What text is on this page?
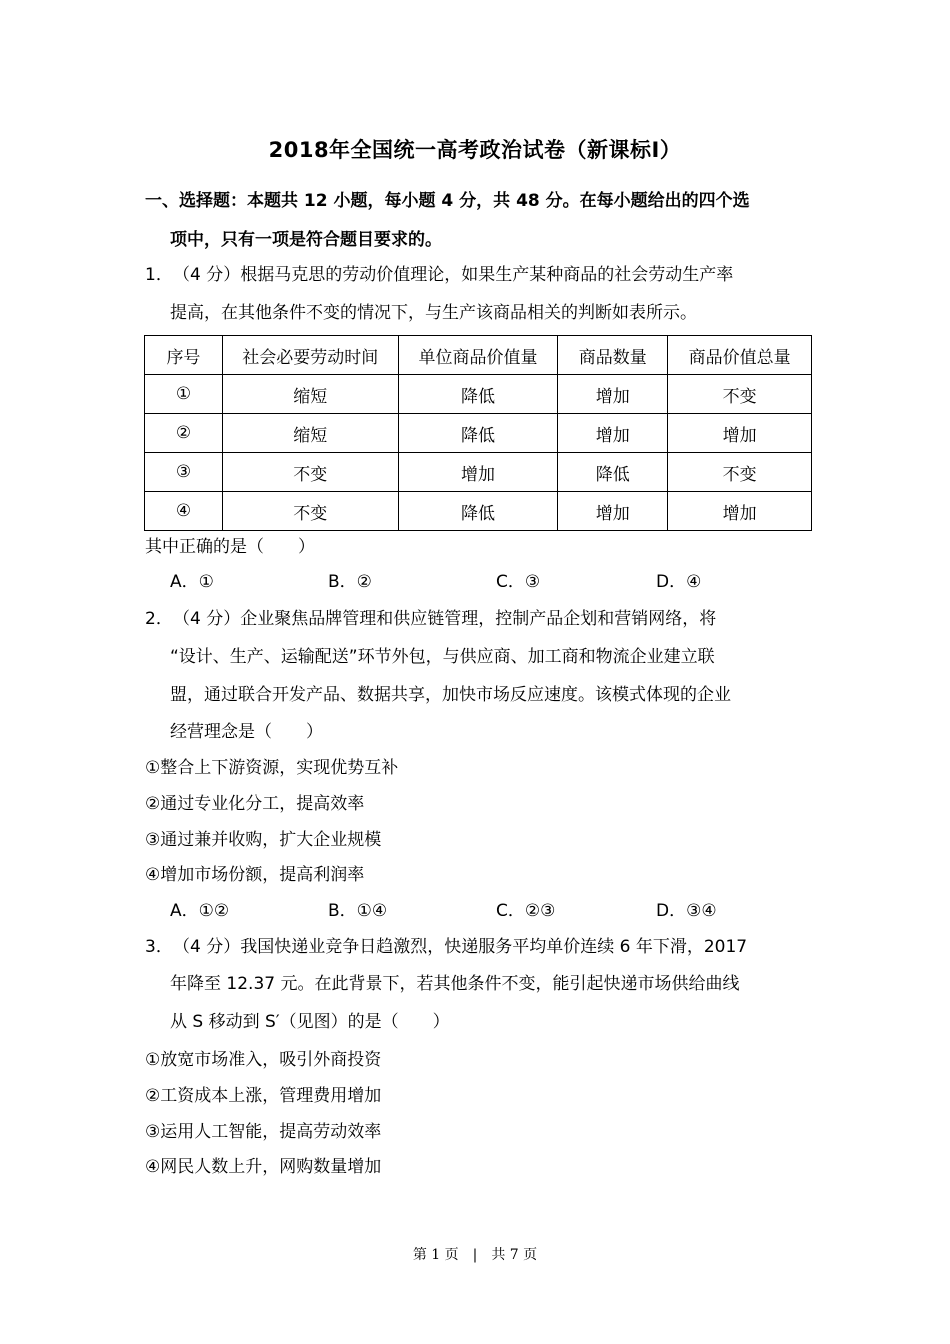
2018年全国统一高考政治试卷（新课标Ⅰ）
一、选择题：本题共 12 小题，每小题 4 分，共 48 分。在每小题给出的四个选
项中，只有一项是符合题目要求的。
1．（4 分）根据马克思的劳动价值理论，如果生产某种商品的社会劳动生产率
提高，在其他条件不变的情况下，与生产该商品相关的判断如表所示。
序号	社会必要劳动时间	单位商品价值量	商品数量	商品价值总量
①	缩短	降低	增加	不变
②	缩短	降低	增加	增加
③	不变	增加	降低	不变
④	不变	降低	增加	增加
其中正确的是（　　）
A．①	B．②	C．③	D．④
2．（4 分）企业聚焦品牌管理和供应链管理，控制产品企划和营销网络，将
“设计、生产、运输配送”环节外包，与供应商、加工商和物流企业建立联
盟，通过联合开发产品、数据共享，加快市场反应速度。该模式体现的企业
经营理念是（　　）
①整合上下游资源，实现优势互补
②通过专业化分工，提高效率
③通过兼并收购，扩大企业规模
④增加市场份额，提高利润率
A．①②	B．①④	C．②③	D．③④
3．（4 分）我国快递业竞争日趋激烈，快递服务平均单价连续 6 年下滑，2017
年降至 12.37 元。在此背景下，若其他条件不变，能引起快递市场供给曲线
从 S 移动到 S′（见图）的是（　　）
①放宽市场准入，吸引外商投资
②工资成本上涨，管理费用增加
③运用人工智能，提高劳动效率
④网民人数上升，网购数量增加
第 1 页　|　共 7 页
